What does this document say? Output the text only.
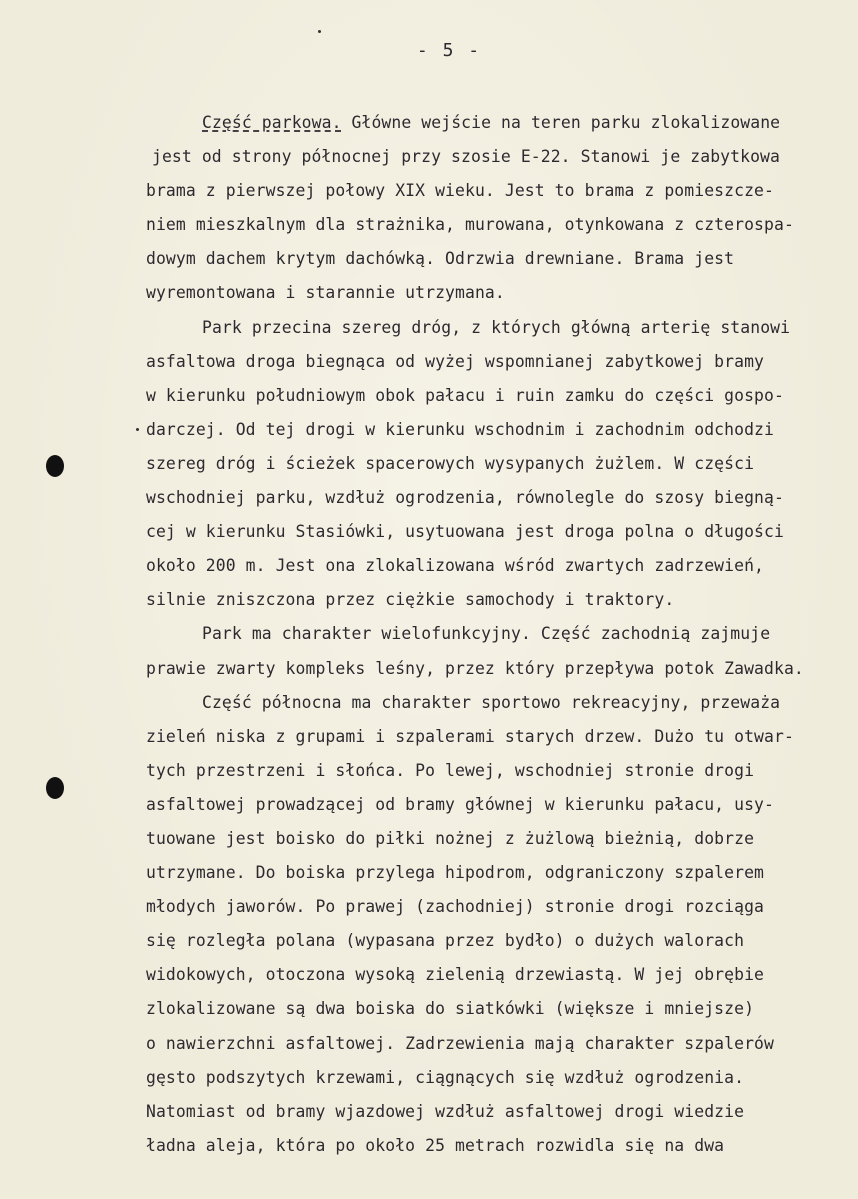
- 5 -
Część parkowa. Główne wejście na teren parku zlokalizowane
jest od strony północnej przy szosie E-22. Stanowi je zabytkowa
brama z pierwszej połowy XIX wieku. Jest to brama z pomieszcze-
niem mieszkalnym dla strażnika, murowana, otynkowana z czterospa-
dowym dachem krytym dachówką. Odrzwia drewniane. Brama jest
wyremontowana i starannie utrzymana.
Park przecina szereg dróg, z których główną arterię stanowi
asfaltowa droga biegnąca od wyżej wspomnianej zabytkowej bramy
w kierunku południowym obok pałacu i ruin zamku do części gospo-
darczej. Od tej drogi w kierunku wschodnim i zachodnim odchodzi
szereg dróg i ścieżek spacerowych wysypanych żużlem. W części
wschodniej parku, wzdłuż ogrodzenia, równolegle do szosy biegną-
cej w kierunku Stasiówki, usytuowana jest droga polna o długości
około 200 m. Jest ona zlokalizowana wśród zwartych zadrzewień,
silnie zniszczona przez ciężkie samochody i traktory.
Park ma charakter wielofunkcyjny. Część zachodnią zajmuje
prawie zwarty kompleks leśny, przez który przepływa potok Zawadka.
Część północna ma charakter sportowo rekreacyjny, przeważa
zieleń niska z grupami i szpalerami starych drzew. Dużo tu otwar-
tych przestrzeni i słońca. Po lewej, wschodniej stronie drogi
asfaltowej prowadzącej od bramy głównej w kierunku pałacu, usy-
tuowane jest boisko do piłki nożnej z żużlową bieżnią, dobrze
utrzymane. Do boiska przylega hipodrom, odgraniczony szpalerem
młodych jaworów. Po prawej (zachodniej) stronie drogi rozciąga
się rozległa polana (wypasana przez bydło) o dużych walorach
widokowych, otoczona wysoką zielenią drzewiastą. W jej obrębie
zlokalizowane są dwa boiska do siatkówki (większe i mniejsze)
o nawierzchni asfaltowej. Zadrzewienia mają charakter szpalerów
gęsto podszytych krzewami, ciągnących się wzdłuż ogrodzenia.
Natomiast od bramy wjazdowej wzdłuż asfaltowej drogi wiedzie
ładna aleja, która po około 25 metrach rozwidla się na dwa
